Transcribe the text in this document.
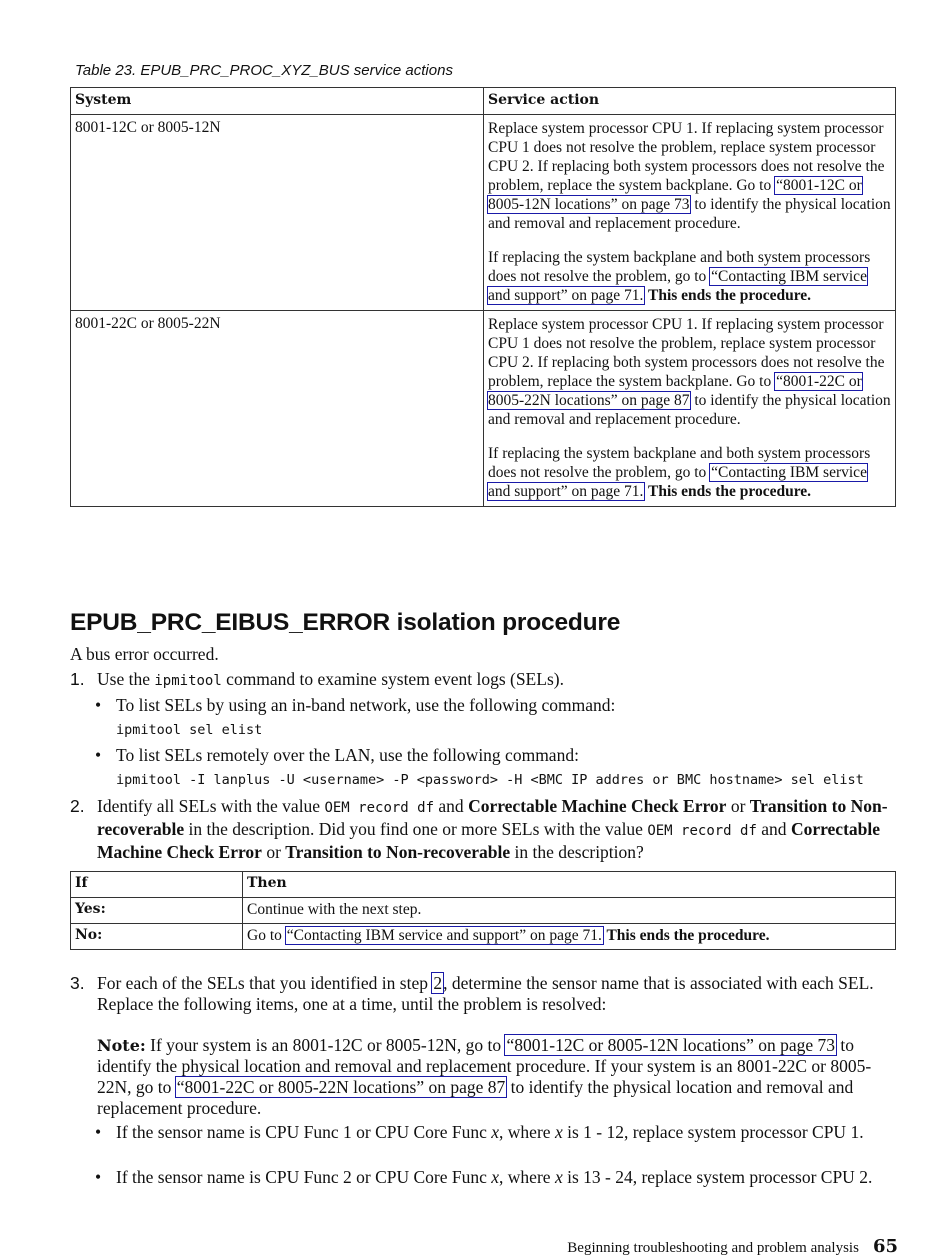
Table 23. EPUB_PRC_PROC_XYZ_BUS service actions
System	Service action
8001-12C or 8005-12N	Replace system processor CPU 1. If replacing system processor CPU 1 does not resolve the problem, replace system processor CPU 2. If replacing both system processors does not resolve the problem, replace the system backplane. Go to “8001-12C or 8005-12N locations” on page 73 to identify the physical location and removal and replacement procedure.

If replacing the system backplane and both system processors does not resolve the problem, go to “Contacting IBM service and support” on page 71. This ends the procedure.

8001-22C or 8005-22N	Replace system processor CPU 1. If replacing system processor CPU 1 does not resolve the problem, replace system processor CPU 2. If replacing both system processors does not resolve the problem, replace the system backplane. Go to “8001-22C or 8005-22N locations” on page 87 to identify the physical location and removal and replacement procedure.

If replacing the system backplane and both system processors does not resolve the problem, go to “Contacting IBM service and support” on page 71. This ends the procedure.

EPUB_PRC_EIBUS_ERROR isolation procedure
A bus error occurred.
1. Use the ipmitool command to examine system event logs (SELs).
• To list SELs by using an in-band network, use the following command:
ipmitool sel elist
• To list SELs remotely over the LAN, use the following command:
ipmitool -I lanplus -U <username> -P <password> -H <BMC IP addres or BMC hostname> sel elist
2. Identify all SELs with the value OEM record df and Correctable Machine Check Error or Transition to Non-recoverable in the description. Did you find one or more SELs with the value OEM record df and Correctable Machine Check Error or Transition to Non-recoverable in the description?
If	Then
Yes:	Continue with the next step.
No:	Go to “Contacting IBM service and support” on page 71. This ends the procedure.
3. For each of the SELs that you identified in step 2, determine the sensor name that is associated with each SEL. Replace the following items, one at a time, until the problem is resolved:
Note: If your system is an 8001-12C or 8005-12N, go to “8001-12C or 8005-12N locations” on page 73 to identify the physical location and removal and replacement procedure. If your system is an 8001-22C or 8005-22N, go to “8001-22C or 8005-22N locations” on page 87 to identify the physical location and removal and replacement procedure.
• If the sensor name is CPU Func 1 or CPU Core Func x, where x is 1 - 12, replace system processor CPU 1.
• If the sensor name is CPU Func 2 or CPU Core Func x, where x is 13 - 24, replace system processor CPU 2.
Beginning troubleshooting and problem analysis 65
